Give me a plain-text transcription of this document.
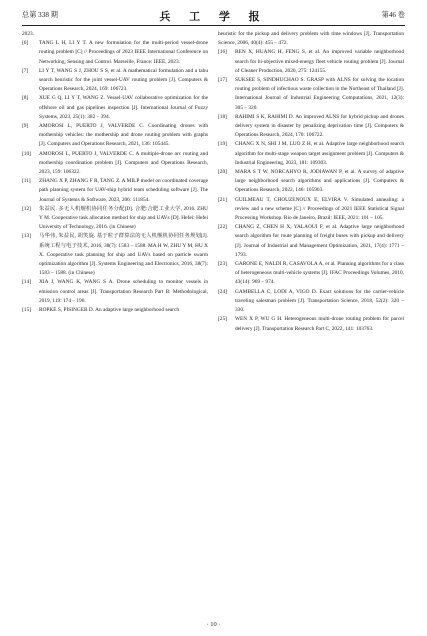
总第 338 期	兵 工 学 报	第46 卷

2023.

[6] TANG L H, LI Y T. A new formulation for the multi-period vessel-drone routing problem [C] // Proceedings of 2023 IEEE International Conference on Networking, Sensing and Control. Marseille, France: IEEE, 2023.

[7] LI Y T, WANG S J, ZHOU S S, et al. A mathematical formulation and a tabu search heuristic for the joint vessel-UAV routing problem [J]. Computers & Operations Research, 2024, 169: 106723.

[8] XUE G Q, LI Y T, WANG Z. Vessel-UAV collaborative optimization for the offshore oil and gas pipelines inspection [J]. International Journal of Fuzzy Systems, 2023, 25(1): 382 – 394.

[9] AMOROSI L, PUERTO J, VALVERDE C. Coordinating drones with mothership vehicles: the mothership and drone routing problem with graphs [J]. Computers and Operations Research, 2021, 136: 105445.

[10] AMOROSI L, PUERTO J, VALVERDE C. A multiple-drone arc routing and mothership coordination problem [J]. Computers and Operations Research, 2023, 159: 106322.

[11] ZHANG X P, ZHANG F R, TANG Z. A MILP model on coordinated coverage path planning system for UAV-ship hybrid team scheduling software [J]. The Journal of Systems & Software, 2023, 206: 111854.

[12] 朱益民. 多无人机舰机协同任务分配[D]. 合肥:合肥工业大学, 2016. ZHU Y M. Cooperative task allocation method for ship and UAVs [D]. Hefei: Hefei University of Technology, 2016. (in Chinese)

[13] 马华伟, 朱益民, 胡笑旋. 基于粒子群算法的无人机舰机协同任务规划[J]. 系统工程与电子技术, 2016, 38(7): 1583 – 1588. MA H W, ZHU Y M, HU X X. Cooperative task planning for ship and UAVs based on particle swarm optimization algorithm [J]. Systems Engineering and Electronics, 2016, 38(7): 1583 – 1588. (in Chinese)

[14] XIA J, WANG K, WANG S A. Drone scheduling to monitor vessels in emission control areas [J]. Transportation Research Part B: Methodological, 2019, 119: 174 – 196.

[15] ROPKE S, PISINGER D. An adaptive large neighborhood search

heuristic for the pickup and delivery problem with time windows [J]. Transportation Science, 2006, 40(4): 455 – 472.

[16] REN X, HUANG H, FENG S, et al. An improved variable neighborhood search for bi-objective mixed-energy fleet vehicle routing problem [J]. Journal of Cleaner Production, 2020, 275: 124155.

[17] SUKSEE S, SINDHUCHAO S. GRASP with ALNS for solving the location routing problem of infectious waste collection in the Northeast of Thailand [J]. International Journal of Industrial Engineering Computations, 2021, 12(3): 305 – 320.

[18] RAHIMI S K, RAHIMI D. An improved ALNS for hybrid pickup and drones delivery system in disaster by penalizing deprivation time [J]. Computers & Operations Research, 2024, 170: 106722.

[19] CHANG X N, SHI J M, LUO Z H, et al. Adaptive large neighborhood search algorithm for multi-stage weapon target assignment problem [J]. Computers & Industrial Engineering, 2023, 181: 109303.

[20] MARA S T W, NORCAHYO R, JODIAWAN P, et al. A survey of adaptive large neighborhood search algorithms and applications [J]. Computers & Operations Research, 2022, 146: 105903.

[21] GUILMEAU T, CHOUZENOUX E, ELVIRA V. Simulated annealing: a review and a new scheme [C] // Proceedings of 2021 IEEE Statistical Signal Processing Workshop. Rio de Janeiro, Brazil: IEEE, 2021: 101 – 105.

[22] CHANG Z, CHEN H X, YALAOUI F, et al. Adaptive large neighborhood search algorithm for route planning of freight buses with pickup and delivery [J]. Journal of Industrial and Management Optimization, 2021, 17(4): 1771 – 1793.

[23] GARONE E, NALDI R, CASAVOLA A, et al. Planning algorithms for a class of heterogeneous multi-vehicle systems [J]. IFAC Proceedings Volumes, 2010, 43(14): 969 – 974.

[24] GAMBELLA C, LODI A, VIGO D. Exact solutions for the carrier-vehicle traveling salesman problem [J]. Transportation Science, 2018, 52(2): 320 – 330.

[25] WEN X P, WU G H. Heterogeneous multi-drone routing problem for parcel delivery [J]. Transportation Research Part C, 2022, 141: 103763.

· 10 ·
